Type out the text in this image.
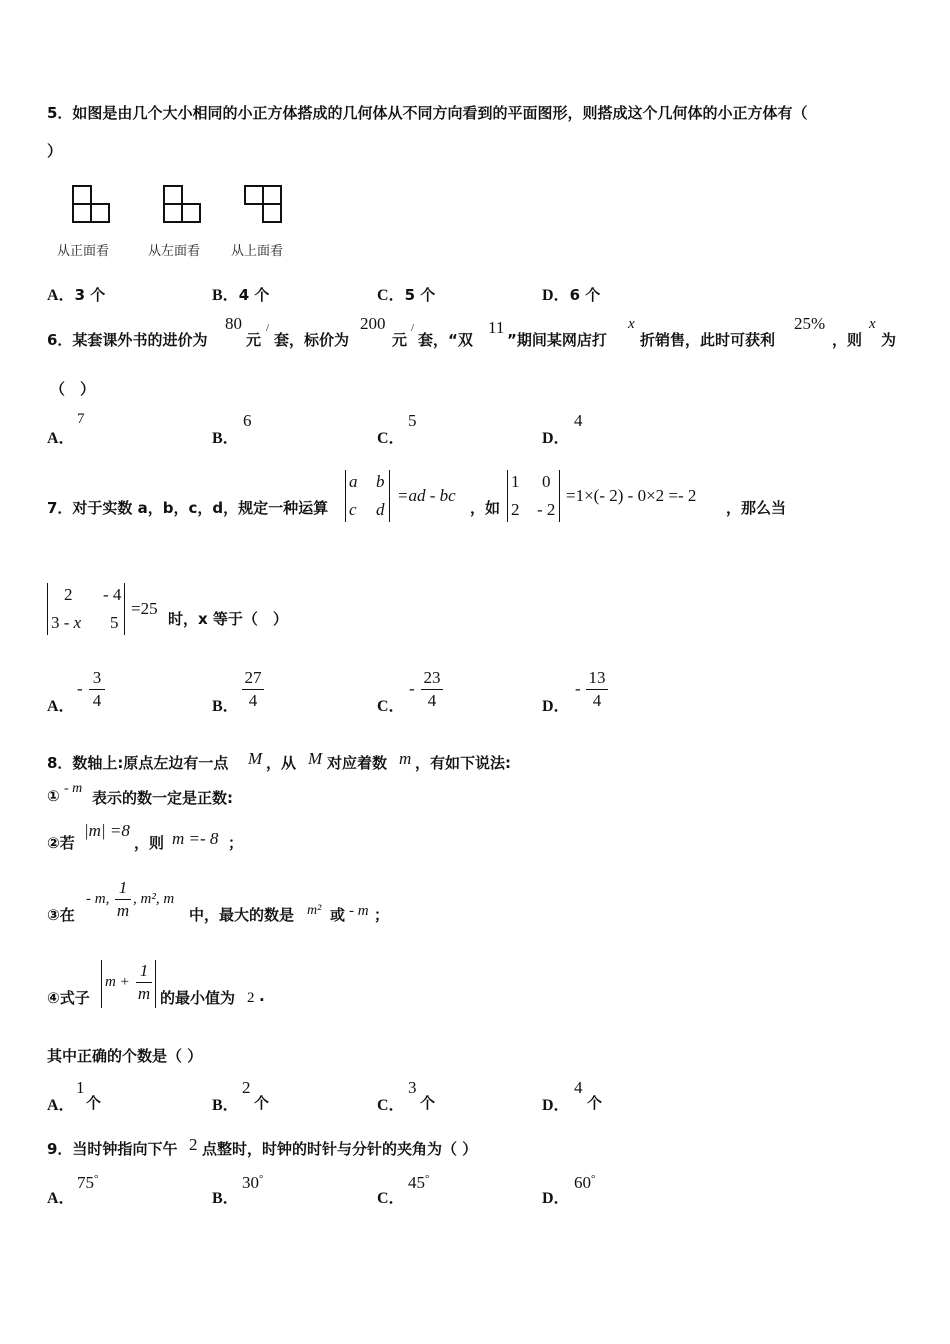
5．如图是由几个大小相同的小正方体搭成的几何体从不同方向看到的平面图形，则搭成这个几何体的小正方体有（
）
从正面看	从左面看 从上面看
A．3 个	B．4 个	C．5 个	D．6 个
6．某套课外书的进价为
80
元
/
套，标价为
200
元
/
套，“双
11
”期间某网店打
x
折销售，此时可获利
25%
，则
x
为
（　）
A．
7
B．
6
C．
5
D．
4
7．对于实数 a，b，c，d，规定一种运算
a b
c d
=ad - bc
，如
1 0
2 - 2
=1×(- 2) - 0×2 =- 2
，那么当
2 - 4
3 - x 5
=25
时，x 等于（　）
A．
-
3
4	B．
27
4	C．
-
23
4	D．
-
13
4
8．数轴上:原点左边有一点 M ，从 M 对应着数 m ，有如下说法:
① - m
表示的数一定是正数:
②若
|m| =8
，则 m =- 8 ；
③在
- m,
1
m
, m², m
中，最大的数是 m² 或 - m ；
④式子
m +
1
m 的最小值为 2 .
其中正确的个数是（ ）
A．
1
个	B．
2
个	C．
3
个	D．
4
个
9．当时钟指向下午 2 点整时，时钟的时针与分针的夹角为（ ）
A．
75°
B．
30°
C．
45°
D．
60°
